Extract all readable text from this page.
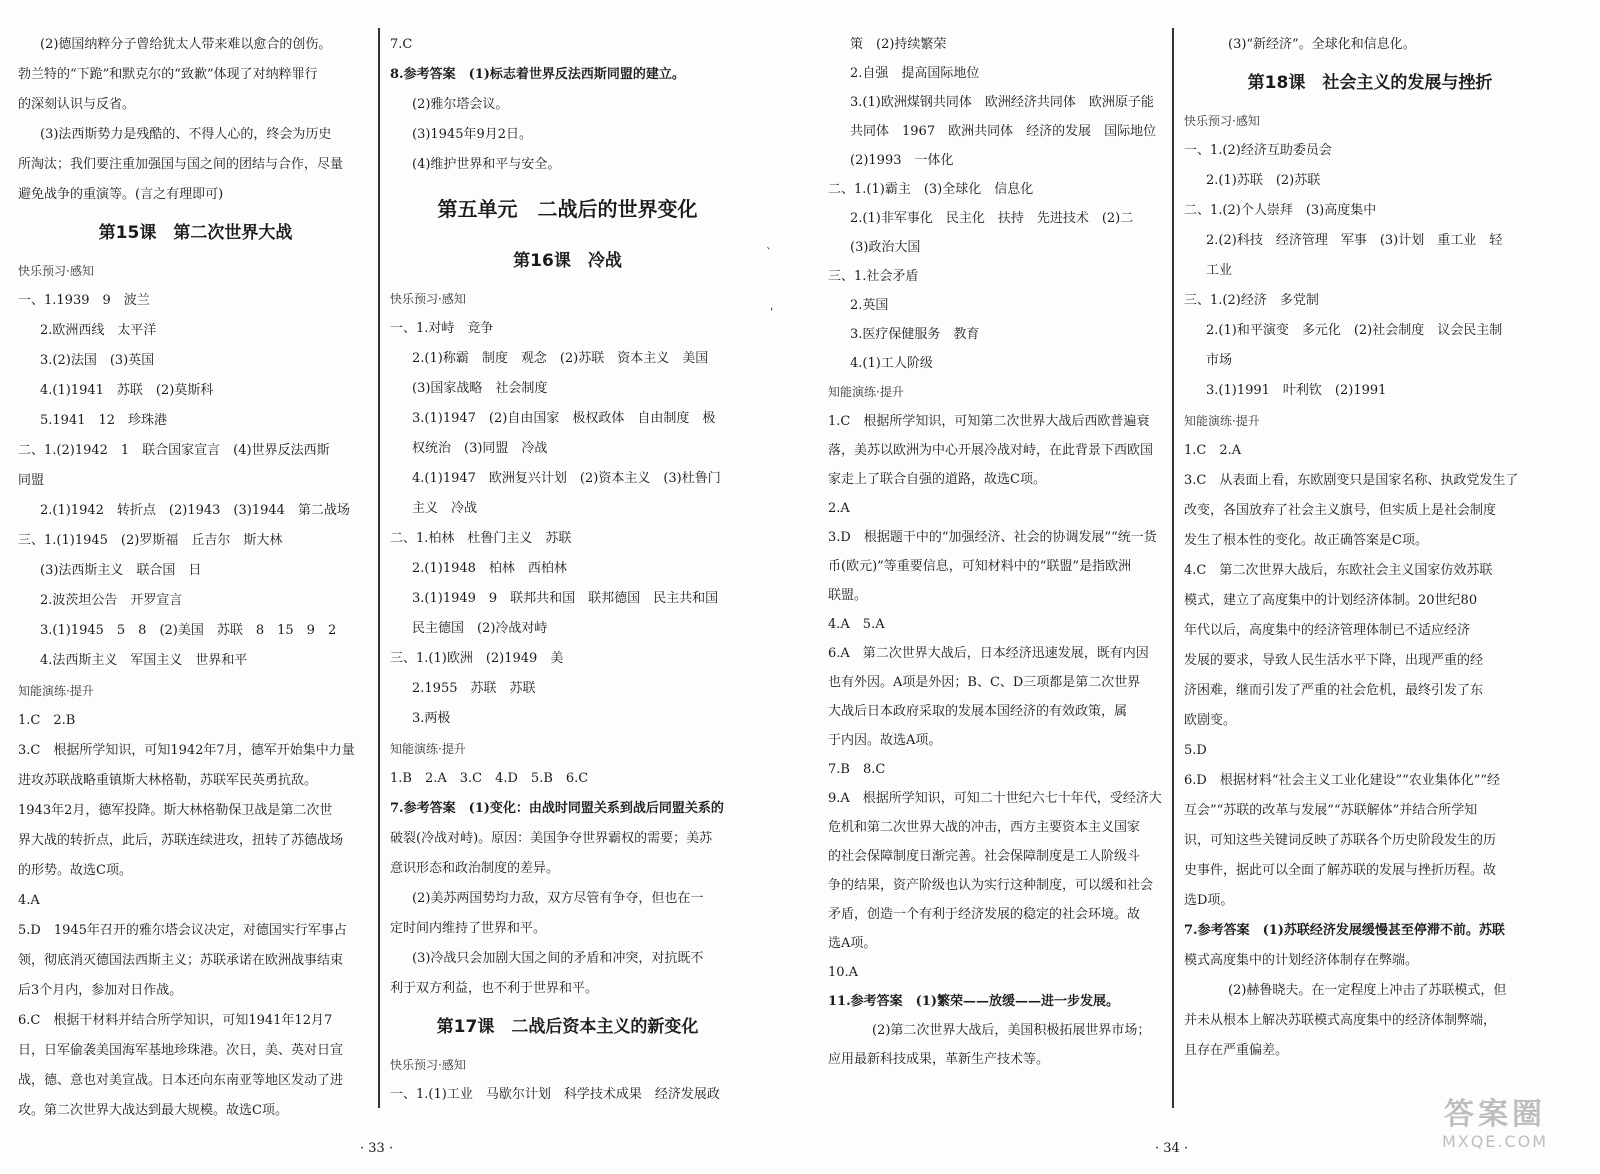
(2)德国纳粹分子曾给犹太人带来难以愈合的创伤。
勃兰特的“下跪”和默克尔的“致歉”体现了对纳粹罪行
的深刻认识与反省。
(3)法西斯势力是残酷的、不得人心的，终会为历史
所淘汰；我们要注重加强国与国之间的团结与合作，尽量
避免战争的重演等。(言之有理即可)
第15课　第二次世界大战
快乐预习·感知
一、1.1939　9　波兰
2.欧洲西线　太平洋
3.(2)法国　(3)英国
4.(1)1941　苏联　(2)莫斯科
5.1941　12　珍珠港
二、1.(2)1942　1　联合国家宣言　(4)世界反法西斯
同盟
2.(1)1942　转折点　(2)1943　(3)1944　第二战场
三、1.(1)1945　(2)罗斯福　丘吉尔　斯大林
(3)法西斯主义　联合国　日
2.波茨坦公告　开罗宣言
3.(1)1945　5　8　(2)美国　苏联　8　15　9　2
4.法西斯主义　军国主义　世界和平
知能演练·提升
1.C　2.B
3.C　根据所学知识，可知1942年7月，德军开始集中力量
进攻苏联战略重镇斯大林格勒，苏联军民英勇抗敌。
1943年2月，德军投降。斯大林格勒保卫战是第二次世
界大战的转折点，此后，苏联连续进攻，扭转了苏德战场
的形势。故选C项。
4.A
5.D　1945年召开的雅尔塔会议决定，对德国实行军事占
领，彻底消灭德国法西斯主义；苏联承诺在欧洲战事结束
后3个月内，参加对日作战。
6.C　根据干材料并结合所学知识，可知1941年12月7
日，日军偷袭美国海军基地珍珠港。次日，美、英对日宣
战，德、意也对美宣战。日本还向东南亚等地区发动了进
攻。第二次世界大战达到最大规模。故选C项。
7.C
8.参考答案　(1)标志着世界反法西斯同盟的建立。
(2)雅尔塔会议。
(3)1945年9月2日。
(4)维护世界和平与安全。
第五单元　二战后的世界变化
第16课　冷战
快乐预习·感知
一、1.对峙　竞争
2.(1)称霸　制度　观念　(2)苏联　资本主义　美国
(3)国家战略　社会制度
3.(1)1947　(2)自由国家　极权政体　自由制度　极
权统治　(3)同盟　冷战
4.(1)1947　欧洲复兴计划　(2)资本主义　(3)杜鲁门
主义　冷战
二、1.柏林　杜鲁门主义　苏联
2.(1)1948　柏林　西柏林
3.(1)1949　9　联邦共和国　联邦德国　民主共和国
民主德国　(2)冷战对峙
三、1.(1)欧洲　(2)1949　美
2.1955　苏联　苏联
3.两极
知能演练·提升
1.B　2.A　3.C　4.D　5.B　6.C
7.参考答案　(1)变化：由战时同盟关系到战后同盟关系的
破裂(冷战对峙)。原因：美国争夺世界霸权的需要；美苏
意识形态和政治制度的差异。
(2)美苏两国势均力敌，双方尽管有争夺，但也在一
定时间内维持了世界和平。
(3)冷战只会加剧大国之间的矛盾和冲突，对抗既不
利于双方利益，也不利于世界和平。
第17课　二战后资本主义的新变化
快乐预习·感知
一、1.(1)工业　马歇尔计划　科学技术成果　经济发展政
ˋ
ˌ
· 33 ·
策　(2)持续繁荣
2.自强　提高国际地位
3.(1)欧洲煤钢共同体　欧洲经济共同体　欧洲原子能
共同体　1967　欧洲共同体　经济的发展　国际地位
(2)1993　一体化
二、1.(1)霸主　(3)全球化　信息化
2.(1)非军事化　民主化　扶持　先进技术　(2)二
(3)政治大国
三、1.社会矛盾
2.英国
3.医疗保健服务　教育
4.(1)工人阶级
知能演练·提升
1.C　根据所学知识，可知第二次世界大战后西欧普遍衰
落，美苏以欧洲为中心开展冷战对峙，在此背景下西欧国
家走上了联合自强的道路，故选C项。
2.A
3.D　根据题干中的“加强经济、社会的协调发展”“统一货
币(欧元)”等重要信息，可知材料中的“联盟”是指欧洲
联盟。
4.A　5.A
6.A　第二次世界大战后，日本经济迅速发展，既有内因
也有外因。A项是外因；B、C、D三项都是第二次世界
大战后日本政府采取的发展本国经济的有效政策，属
于内因。故选A项。
7.B　8.C
9.A　根据所学知识，可知二十世纪六七十年代，受经济大
危机和第二次世界大战的冲击，西方主要资本主义国家
的社会保障制度日渐完善。社会保障制度是工人阶级斗
争的结果，资产阶级也认为实行这种制度，可以缓和社会
矛盾，创造一个有利于经济发展的稳定的社会环境。故
选A项。
10.A
11.参考答案　(1)繁荣——放缓——进一步发展。
(2)第二次世界大战后，美国积极拓展世界市场；
应用最新科技成果，革新生产技术等。
(3)“新经济”。全球化和信息化。
第18课　社会主义的发展与挫折
快乐预习·感知
一、1.(2)经济互助委员会
2.(1)苏联　(2)苏联
二、1.(2)个人崇拜　(3)高度集中
2.(2)科技　经济管理　军事　(3)计划　重工业　轻
工业
三、1.(2)经济　多党制
2.(1)和平演变　多元化　(2)社会制度　议会民主制
市场
3.(1)1991　叶利钦　(2)1991
知能演练·提升
1.C　2.A
3.C　从表面上看，东欧剧变只是国家名称、执政党发生了
改变，各国放弃了社会主义旗号，但实质上是社会制度
发生了根本性的变化。故正确答案是C项。
4.C　第二次世界大战后，东欧社会主义国家仿效苏联
模式，建立了高度集中的计划经济体制。20世纪80
年代以后，高度集中的经济管理体制已不适应经济
发展的要求，导致人民生活水平下降，出现严重的经
济困难，继而引发了严重的社会危机，最终引发了东
欧剧变。
5.D
6.D　根据材料“社会主义工业化建设”“农业集体化”“经
互会”“苏联的改革与发展”“苏联解体”并结合所学知
识，可知这些关键词反映了苏联各个历史阶段发生的历
史事件，据此可以全面了解苏联的发展与挫折历程。故
选D项。
7.参考答案　(1)苏联经济发展缓慢甚至停滞不前。苏联
模式高度集中的计划经济体制存在弊端。
(2)赫鲁晓夫。在一定程度上冲击了苏联模式，但
并未从根本上解决苏联模式高度集中的经济体制弊端，
且存在严重偏差。
· 34 ·
答案圈
MXQE.COM
